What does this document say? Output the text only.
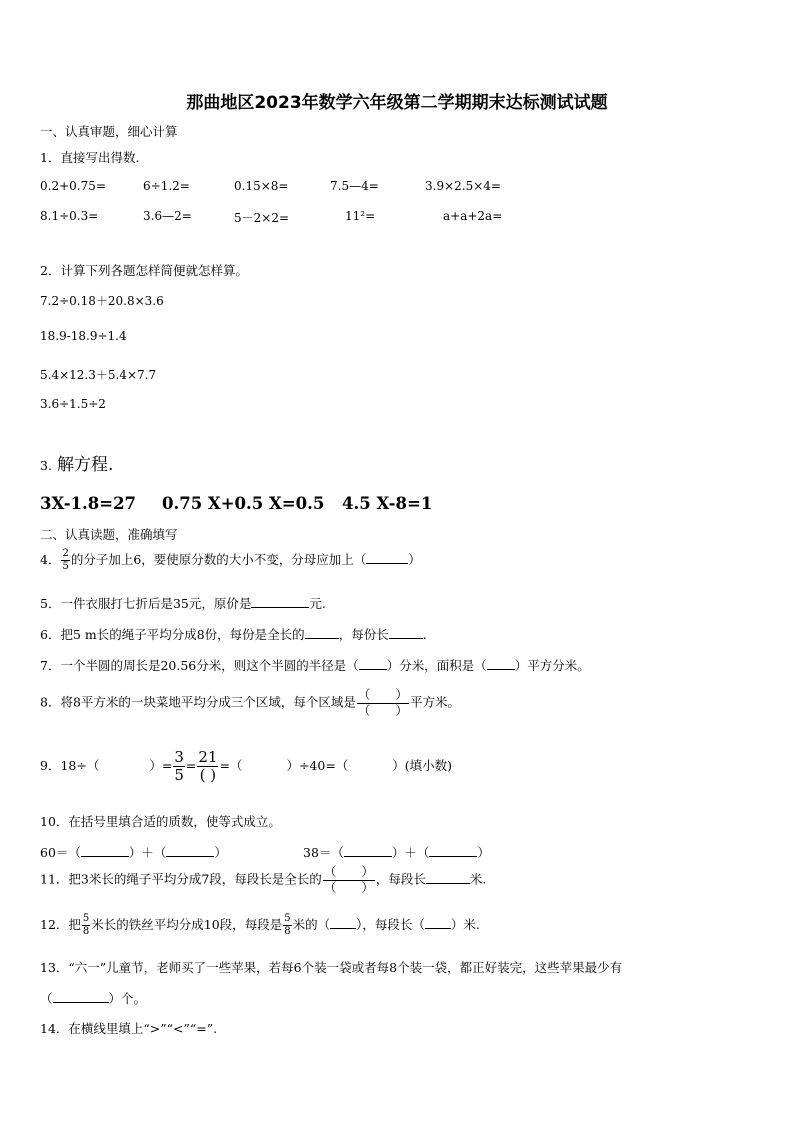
那曲地区2023年数学六年级第二学期期末达标测试试题
一、认真审题，细心计算
1．直接写出得数.
0.2+0.75=	6÷1.2=	0.15×8=	7.5—4=	3.9×2.5×4=
8.1÷0.3=	3.6—2=	5－2×2=	11²=	a+a+2a=
2．计算下列各题怎样简便就怎样算。
7.2÷0.18＋20.8×3.6
18.9-18.9÷1.4
5.4×12.3＋5.4×7.7
3.6÷1.5÷2
3. 解方程.
3X-1.8=27 0.75 X+0.5 X=0.5 4.5 X-8=1
二、认真读题，准确填写
4． $\frac{2}{5}$ 的分子加上6，要使原分数的大小不变，分母应加上（	）
5．一件衣服打七折后是35元，原价是	元.
6．把5 m长的绳子平均分成8份，每份是全长的	，每份长	.
7．一个半圆的周长是20.56分米，则这个半圆的半径是（ ）分米，面积是（ ）平方分米。
8．将8平方米的一块菜地平均分成三个区域，每个区域是 $\frac{( )}{( )}$ 平方米。
9．18÷（	）= $\frac{3}{5} = \frac{21}{( )}$ =（	）÷40=（	）(填小数)
10．在括号里填合适的质数，使等式成立。
60＝（	）＋（	）	38＝（	）＋（	）
11．把3米长的绳子平均分成7段，每段长是全长的 $\frac{( )}{( )}$ ，每段长	米.
12．把 $\frac{5}{8}$ 米长的铁丝平均分成10段，每段是 $\frac{5}{8}$ 米的（ ），每段长（ ）米.
13．“六一”儿童节，老师买了一些苹果，若每6个装一袋或者每8个装一袋，都正好装完，这些苹果最少有
（	）个。
14．在横线里填上“>”“<”“=”.
